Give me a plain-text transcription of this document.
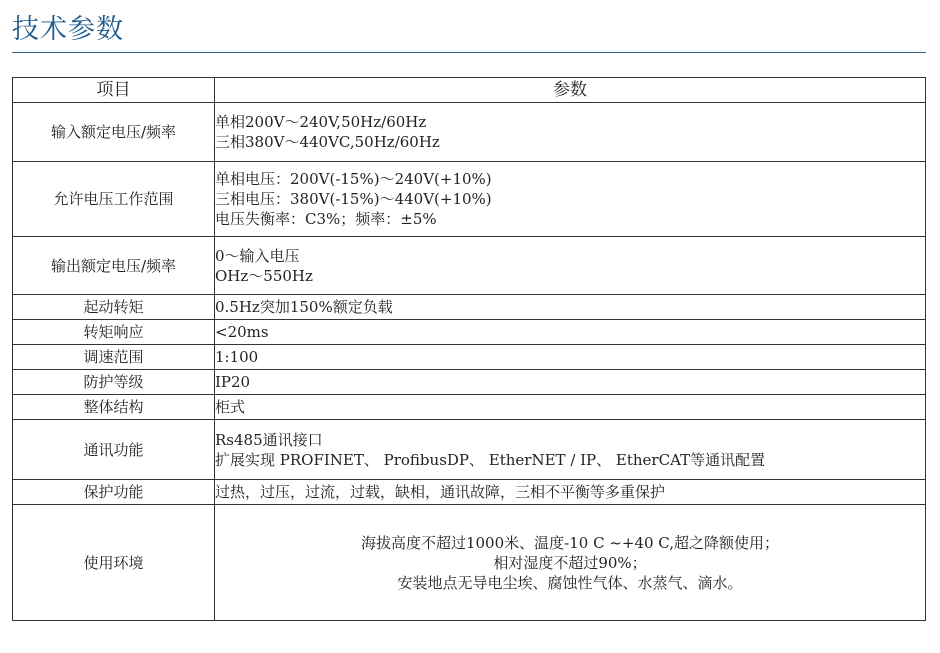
技术参数
项目	参数
输入额定电压/频率	单相200V～240V,50Hz/60Hz
三相380V～440VC,50Hz/60Hz

允许电压工作范围	单相电压：200V(-15%)～240V(+10%)
三相电压：380V(-15%)～440V(+10%)
电压失衡率：C3%；频率：±5%

输出额定电压/频率	0～输入电压
OHz～550Hz

起动转矩	0.5Hz突加150%额定负载

转矩响应	<20ms

调速范围	1:100

防护等级	IP20

整体结构	柜式

通讯功能	Rs485通讯接口
扩展实现 PROFINET、 ProfibusDP、 EtherNET / IP、 EtherCAT等通讯配置

保护功能	过热，过压，过流，过载，缺相，通讯故障，三相不平衡等多重保护

使用环境	海拔高度不超过1000米、温度-10 C ~+40 C,超之降额使用；
相对湿度不超过90%；
安装地点无导电尘埃、腐蚀性气体、水蒸气、滴水。
